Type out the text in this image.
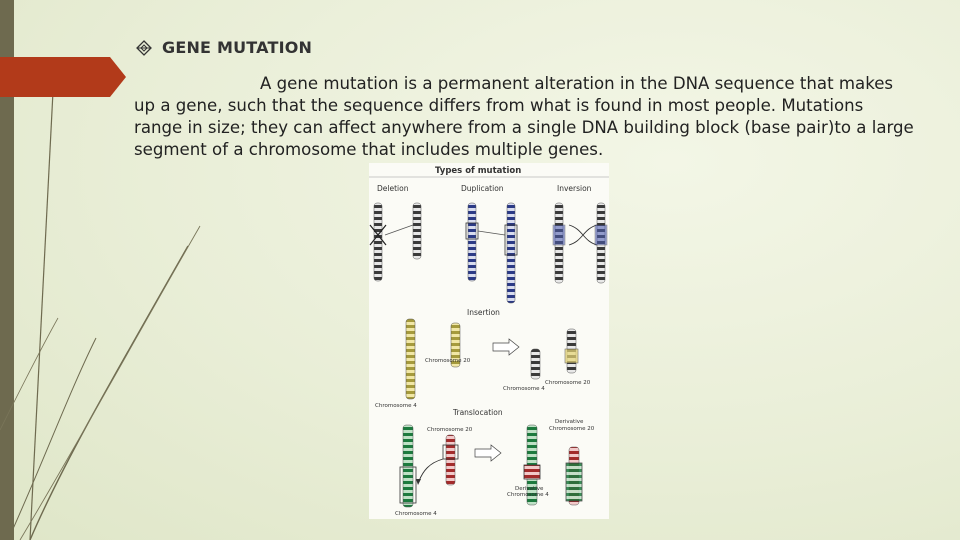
GENE MUTATION
A gene mutation is a permanent alteration in the DNA sequence that makes up a gene, such that the sequence differs from what is found in most people. Mutations range in size; they can affect anywhere from a single DNA building block (base pair)to a large segment of a chromosome that includes multiple genes.
Types of mutation
Deletion	Duplication	Inversion
Insertion
Chromosome 20
Chromosome 20
Chromosome 4
Chromosome 4
Translocation
Chromosome 20
Derivative
Chromosome 20
Derivative
Chromosome 4
Chromosome 4
